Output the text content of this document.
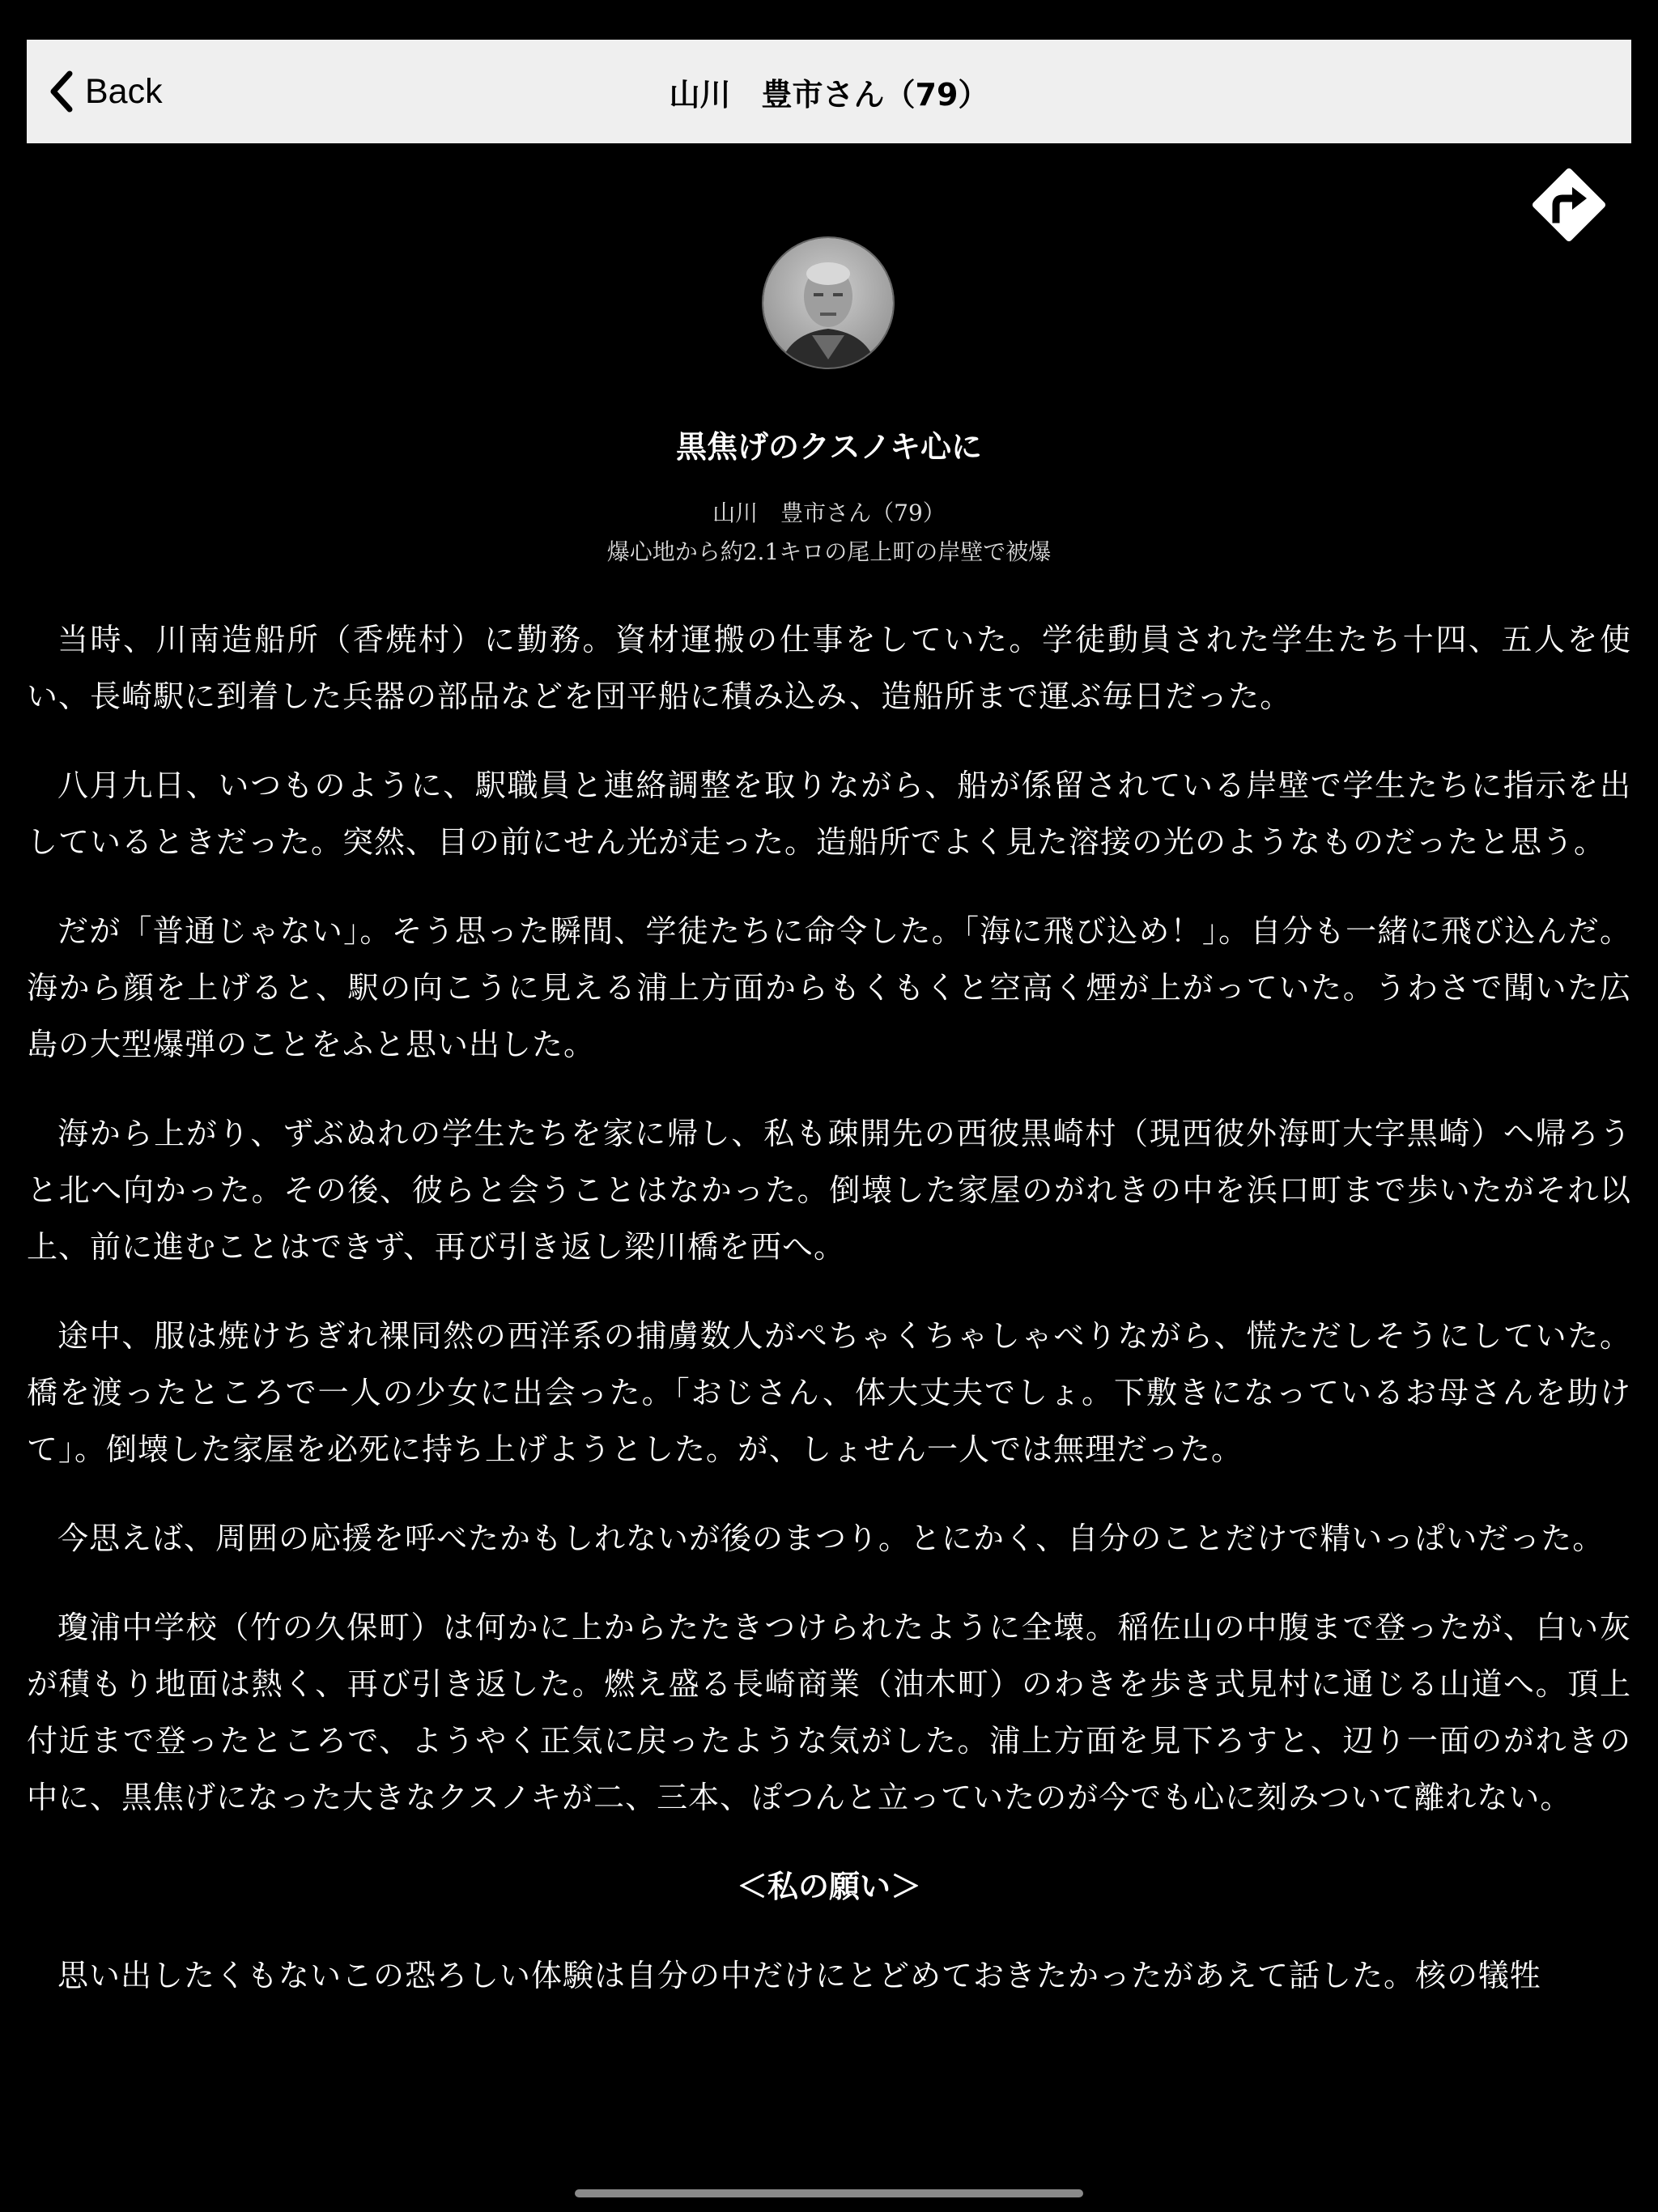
Back	山川　豊市さん（79）
黒焦げのクスノキ心に
山川　豊市さん（79）
爆心地から約2.1キロの尾上町の岸壁で被爆

当時、川南造船所（香焼村）に勤務。資材運搬の仕事をしていた。学徒動員された学生たち十四、五人を使い、長崎駅に到着した兵器の部品などを団平船に積み込み、造船所まで運ぶ毎日だった。

八月九日、いつものように、駅職員と連絡調整を取りながら、船が係留されている岸壁で学生たちに指示を出しているときだった。突然、目の前にせん光が走った。造船所でよく見た溶接の光のようなものだったと思う。

だが「普通じゃない」。そう思った瞬間、学徒たちに命令した。「海に飛び込め！」。自分も一緒に飛び込んだ。海から顔を上げると、駅の向こうに見える浦上方面からもくもくと空高く煙が上がっていた。うわさで聞いた広島の大型爆弾のことをふと思い出した。

海から上がり、ずぶぬれの学生たちを家に帰し、私も疎開先の西彼黒崎村（現西彼外海町大字黒崎）へ帰ろうと北へ向かった。その後、彼らと会うことはなかった。倒壊した家屋のがれきの中を浜口町まで歩いたがそれ以上、前に進むことはできず、再び引き返し梁川橋を西へ。

途中、服は焼けちぎれ裸同然の西洋系の捕虜数人がぺちゃくちゃしゃべりながら、慌ただしそうにしていた。橋を渡ったところで一人の少女に出会った。「おじさん、体大丈夫でしょ。下敷きになっているお母さんを助けて」。倒壊した家屋を必死に持ち上げようとした。が、しょせん一人では無理だった。

今思えば、周囲の応援を呼べたかもしれないが後のまつり。とにかく、自分のことだけで精いっぱいだった。

瓊浦中学校（竹の久保町）は何かに上からたたきつけられたように全壊。稲佐山の中腹まで登ったが、白い灰が積もり地面は熱く、再び引き返した。燃え盛る長崎商業（油木町）のわきを歩き式見村に通じる山道へ。頂上付近まで登ったところで、ようやく正気に戻ったような気がした。浦上方面を見下ろすと、辺り一面のがれきの中に、黒焦げになった大きなクスノキが二、三本、ぽつんと立っていたのが今でも心に刻みついて離れない。

＜私の願い＞

思い出したくもないこの恐ろしい体験は自分の中だけにとどめておきたかったがあえて話した。核の犠牲
